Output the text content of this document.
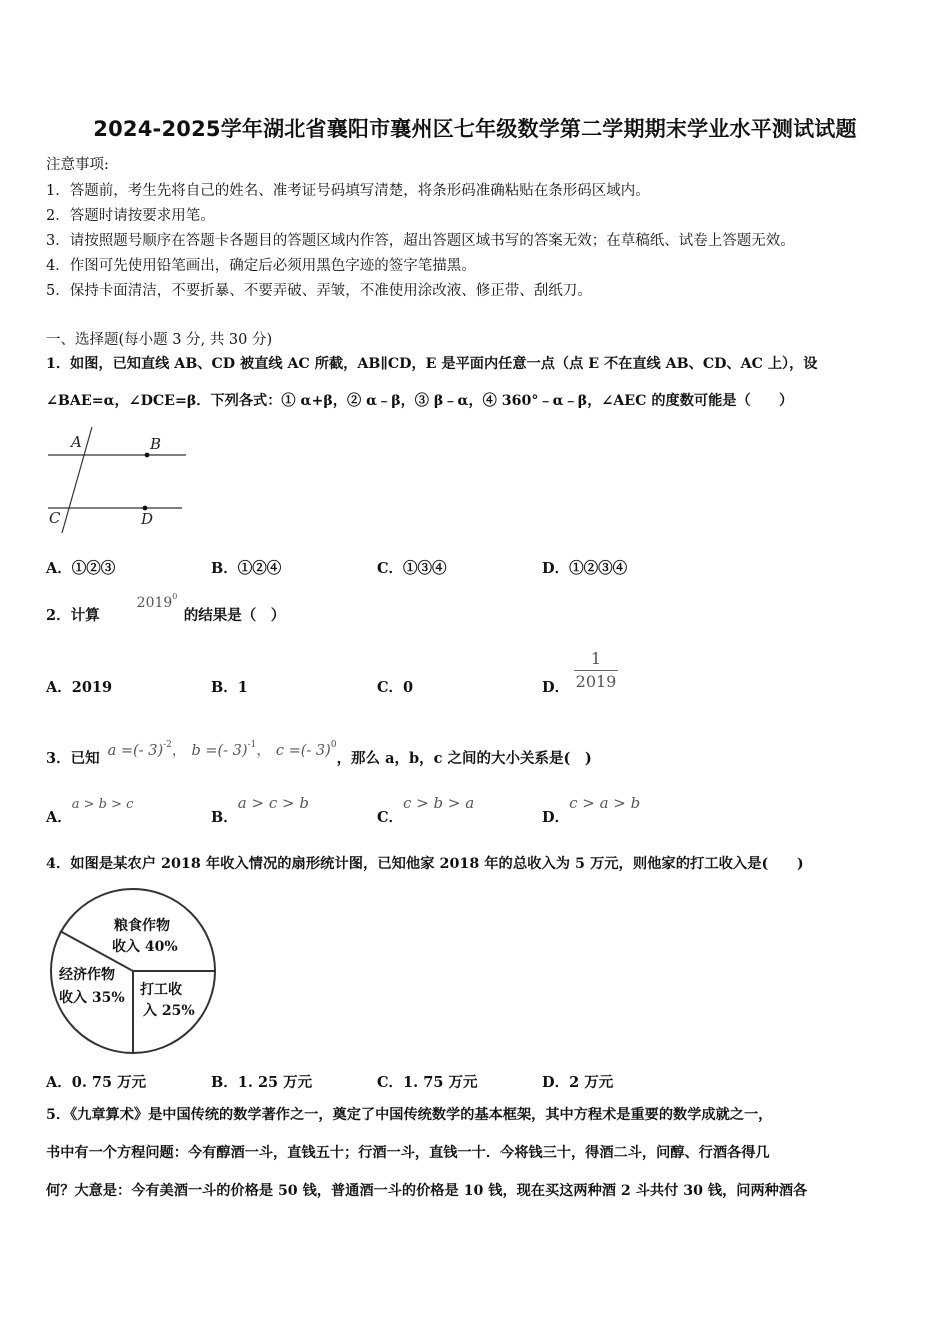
2024-2025学年湖北省襄阳市襄州区七年级数学第二学期期末学业水平测试试题
注意事项:
1．答题前，考生先将自己的姓名、准考证号码填写清楚，将条形码准确粘贴在条形码区域内。
2．答题时请按要求用笔。
3．请按照题号顺序在答题卡各题目的答题区域内作答，超出答题区域书写的答案无效；在草稿纸、试卷上答题无效。
4．作图可先使用铅笔画出，确定后必须用黑色字迹的签字笔描黑。
5．保持卡面清洁，不要折暴、不要弄破、弄皱，不准使用涂改液、修正带、刮纸刀。
一、选择题(每小题 3 分, 共 30 分)
1．如图，已知直线 AB、CD 被直线 AC 所截，AB∥CD，E 是平面内任意一点（点 E 不在直线 AB、CD、AC 上），设
∠BAE=α，∠DCE=β．下列各式：① α+β，② α﹣β，③ β﹣α，④ 360°﹣α﹣β，∠AEC 的度数可能是（　　）
A	B
C	D
A．①②③	B．①②④	C．①③④	D．①②③④
2．计算
2019$^0$
的结果是（　）
A．2019	B．1	C．0	D． $\frac{1}{2019}$
3．已知 a =(- 3)$^{-2}$， b =(- 3)$^{-1}$， c =(- 3)$^0$，那么 a，b，c 之间的大小关系是(　)
A．a > b > c
B．a > c > b
C．c > b > a
D．c > a > b
4．如图是某农户 2018 年收入情况的扇形统计图，已知他家 2018 年的总收入为 5 万元，则他家的打工收入是(　　)
粮食作物
收入 40%
打工收
入 25%
经济作物
收入 35%
A．0. 75 万元	B．1. 25 万元	C．1. 75 万元	D．2 万元
5．《九章算术》是中国传统的数学著作之一，奠定了中国传统数学的基本框架，其中方程术是重要的数学成就之一，
书中有一个方程问题：今有醇酒一斗，直钱五十；行酒一斗，直钱一十．今将钱三十，得酒二斗，问醇、行酒各得几
何？大意是：今有美酒一斗的价格是 50 钱，普通酒一斗的价格是 10 钱，现在买这两种酒 2 斗共付 30 钱，问两种酒各
